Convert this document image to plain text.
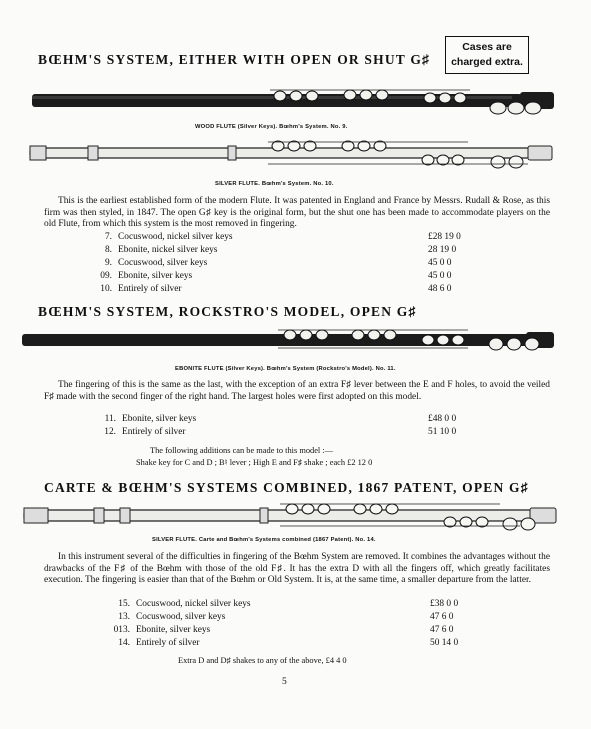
Cases are
charged extra.
BŒHM'S SYSTEM, EITHER WITH OPEN OR SHUT G♯
WOOD FLUTE (Silver Keys). Bœhm's System. No. 9.
SILVER FLUTE. Bœhm's System. No. 10.
This is the earliest established form of the modern Flute. It was patented in England and France by Messrs. Rudall & Rose, as this firm was then styled, in 1847. The open G♯ key is the original form, but the shut one has been made to accommodate players on the old Flute, from which this system is the most removed in fingering.
7. Cocuswood, nickel silver keys	£28 19 0
8. Ebonite, nickel silver keys	28 19 0
9. Cocuswood, silver keys	45 0 0
09. Ebonite, silver keys	45 0 0
10. Entirely of silver	48 6 0
BŒHM'S SYSTEM, ROCKSTRO'S MODEL, OPEN G♯
EBONITE FLUTE (Silver Keys). Bœhm's System (Rockstro's Model). No. 11.
The fingering of this is the same as the last, with the exception of an extra F♯ lever between the E and F holes, to avoid the veiled F♯ made with the second finger of the right hand. The largest holes were first adopted on this model.
11. Ebonite, silver keys	£48 0 0
12. Entirely of silver	51 10 0
The following additions can be made to this model :—
Shake key for C and D ; B♮ lever ; High E and F♯ shake ; each £2 12 0
CARTE & BŒHM'S SYSTEMS COMBINED, 1867 PATENT, OPEN G♯
SILVER FLUTE. Carte and Bœhm's Systems combined (1867 Patent). No. 14.
In this instrument several of the difficulties in fingering of the Bœhm System are removed. It combines the advantages without the drawbacks of the F♯ of the Bœhm with those of the old F♯. It has the extra D with all the fingers off, which greatly facilitates execution. The fingering is easier than that of the Bœhm or Old System. It is, at the same time, a smaller departure from the latter.
15. Cocuswood, nickel silver keys	£38 0 0
13. Cocuswood, silver keys	47 6 0
013. Ebonite, silver keys	47 6 0
14. Entirely of silver	50 14 0
Extra D and D♯ shakes to any of the above, £4 4 0
5
